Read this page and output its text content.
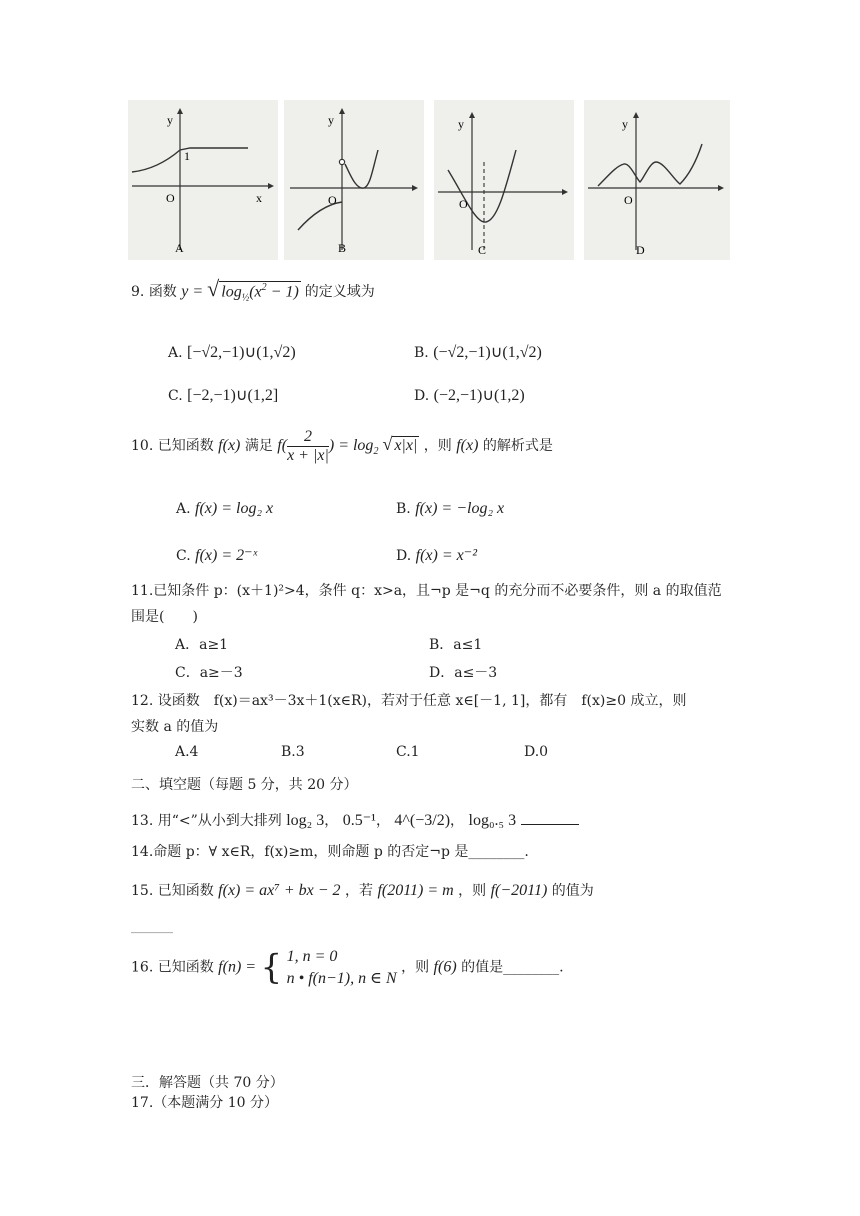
y
x
O
1
A
y
O
B
y
O
C
y
O
D
9. 函数 y = √ $\log_{\frac{1}{2}}(x^2 - 1)$ 的定义域为
A. [−√2,−1)∪(1,√2)	B. (−√2,−1)∪(1,√2)
C. [−2,−1)∪(1,2]	D. (−2,−1)∪(1,2)
10. 已知函数 f(x) 满足 $f( \frac{2}{x + |x|}$ ) = $\log_2$ √ x|x| ，则 f(x) 的解析式是
A. f(x) = log₂ x	B. f(x) = −log₂ x
C. f(x) = 2⁻ˣ	D. f(x) = x⁻²
11.已知条件 p：(x＋1)²>4，条件 q：x>a，且¬p 是¬q 的充分而不必要条件，则 a 的取值范
围是(　　)
A．a≥1	B．a≤1
C．a≥－3	D．a≤－3
12. 设函数　f(x)＝ax³－3x＋1(x∈R)，若对于任意 x∈[－1, 1]，都有　f(x)≥0 成立，则
实数 a 的值为
A.4	B.3	C.1	D.0
二、填空题（每题 5 分，共 20 分）
13. 用“<”从小到大排列 log₂ 3， 0.5⁻¹， 4^(−3/2)， log₀.₅ 3
14.命题 p：∀ x∈R，f(x)≥m，则命题 p 的否定¬p 是________.
15. 已知函数 f(x) = ax⁷ + bx − 2 ，若 f(2011) = m ，则 f(−2011) 的值为
______
16. 已知函数 f(n) = { 1, n = 0
n • f(n−1), n ∈ N
，则 f(6) 的值是________.
三．解答题（共 70 分）
17.（本题满分 10 分）
